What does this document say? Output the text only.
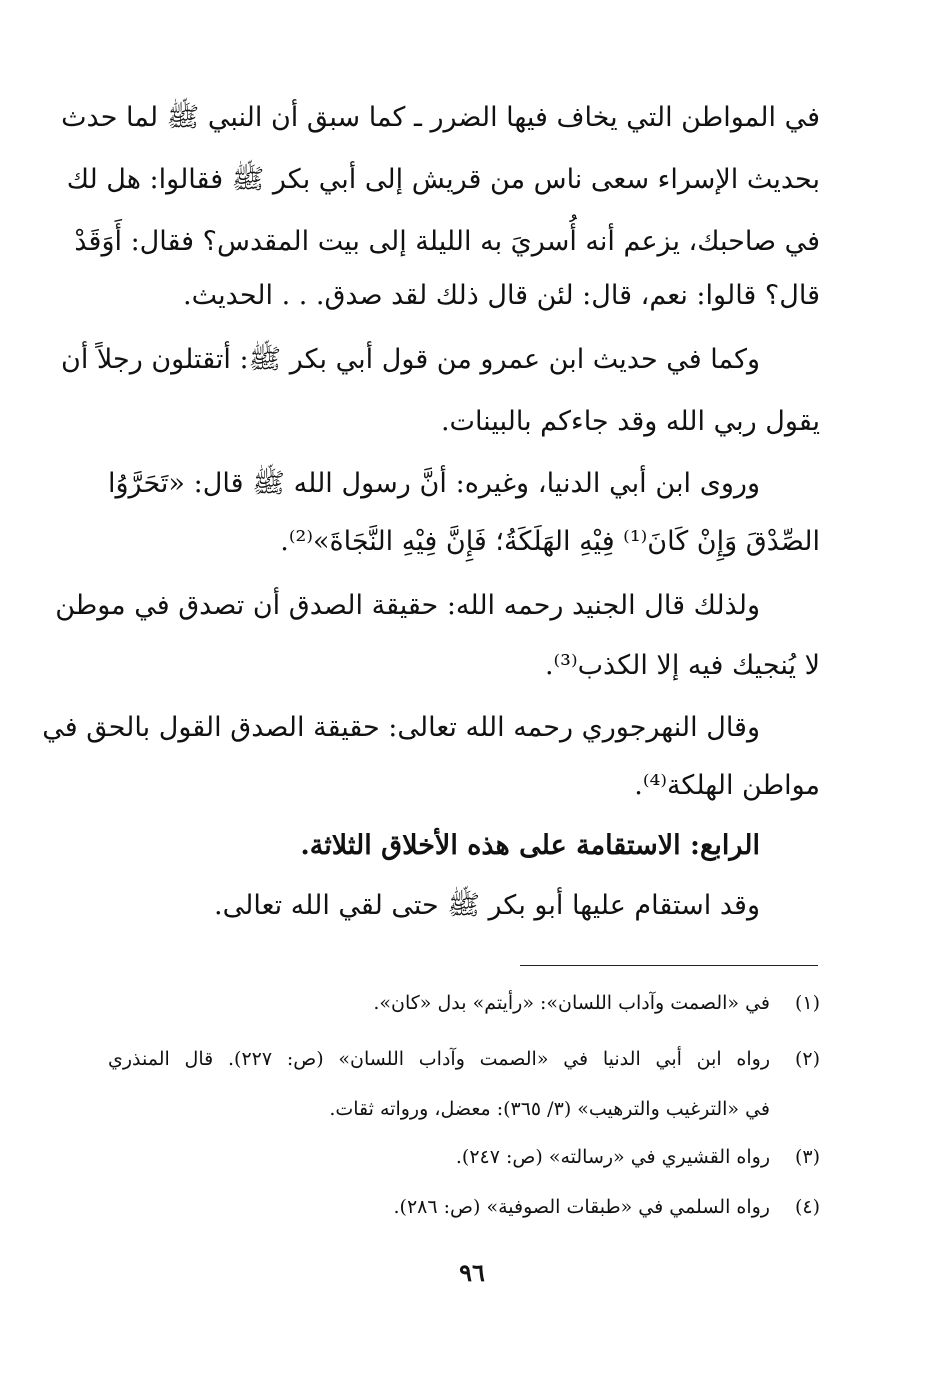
في المواطن التي يخاف فيها الضرر ـ كما سبق أن النبي ﷺ لما حدث
بحديث الإسراء سعى ناس من قريش إلى أبي بكر ﷺ فقالوا: هل لك
في صاحبك، يزعم أنه أُسريَ به الليلة إلى بيت المقدس؟ فقال: أَوَقَدْ
قال؟ قالوا: نعم، قال: لئن قال ذلك لقد صدق. . . الحديث.
وكما في حديث ابن عمرو من قول أبي بكر ﷺ: أتقتلون رجلاً أن
يقول ربي الله وقد جاءكم بالبينات.
وروى ابن أبي الدنيا، وغيره: أنَّ رسول الله ﷺ قال: «تَحَرَّوُا
الصِّدْقَ وَإِنْ كَانَ⁽¹⁾ فِيْهِ الهَلَكَةُ؛ فَإِنَّ فِيْهِ النَّجَاةَ»⁽²⁾.
ولذلك قال الجنيد رحمه الله: حقيقة الصدق أن تصدق في موطن
لا يُنجيك فيه إلا الكذب⁽³⁾.
وقال النهرجوري رحمه الله تعالى: حقيقة الصدق القول بالحق في
مواطن الهلكة⁽⁴⁾.
الرابع: الاستقامة على هذه الأخلاق الثلاثة.
وقد استقام عليها أبو بكر ﷺ حتى لقي الله تعالى.
(١)
في «الصمت وآداب اللسان»: «رأيتم» بدل «كان».
(٢)
رواه ابن أبي الدنيا في «الصمت وآداب اللسان» (ص: ٢٢٧). قال المنذري
في «الترغيب والترهيب» (٣/ ٣٦٥): معضل، ورواته ثقات.
(٣)
رواه القشيري في «رسالته» (ص: ٢٤٧).
(٤)
رواه السلمي في «طبقات الصوفية» (ص: ٢٨٦).
٩٦
